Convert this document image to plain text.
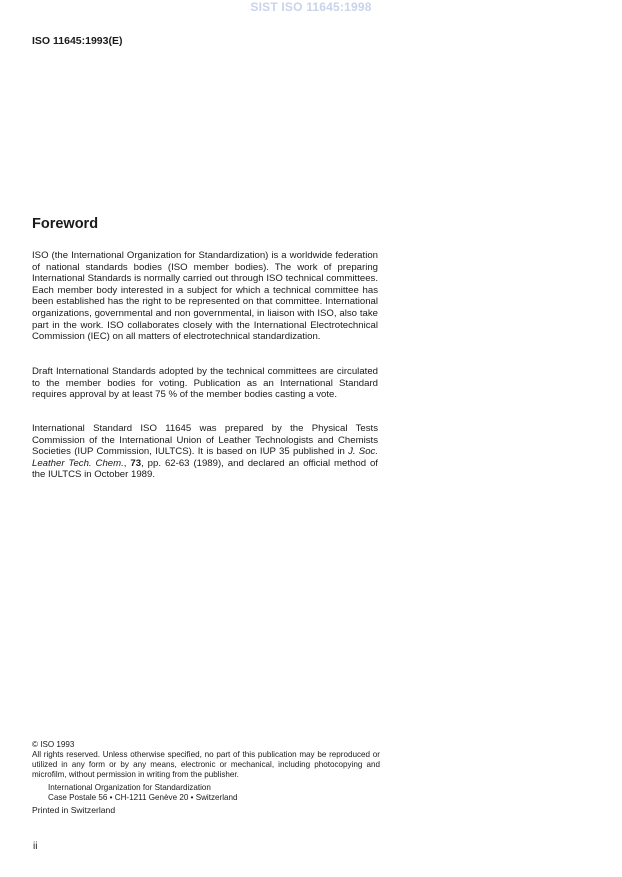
SIST ISO 11645:1998
ISO 11645:1993(E)
Foreword

ISO (the International Organization for Standardization) is a worldwide federation of national standards bodies (ISO member bodies). The work of preparing International Standards is normally carried out through ISO technical committees. Each member body interested in a subject for which a technical committee has been established has the right to be represented on that committee. International organizations, governmental and non governmental, in liaison with ISO, also take part in the work. ISO collaborates closely with the International Electrotechnical Commission (IEC) on all matters of electrotechnical standardization.

Draft International Standards adopted by the technical committees are circulated to the member bodies for voting. Publication as an International Standard requires approval by at least 75 % of the member bodies casting a vote.

International Standard ISO 11645 was prepared by the Physical Tests Commission of the International Union of Leather Technologists and Chemists Societies (IUP Commission, IULTCS). It is based on IUP 35 published in J. Soc. Leather Tech. Chem., 73, pp. 62-63 (1989), and declared an official method of the IULTCS in October 1989.

© ISO 1993
All rights reserved. Unless otherwise specified, no part of this publication may be reproduced or utilized in any form or by any means, electronic or mechanical, including photocopying and microfilm, without permission in writing from the publisher.
International Organization for Standardization
Case Postale 56 • CH-1211 Genève 20 • Switzerland
Printed in Switzerland
ii
